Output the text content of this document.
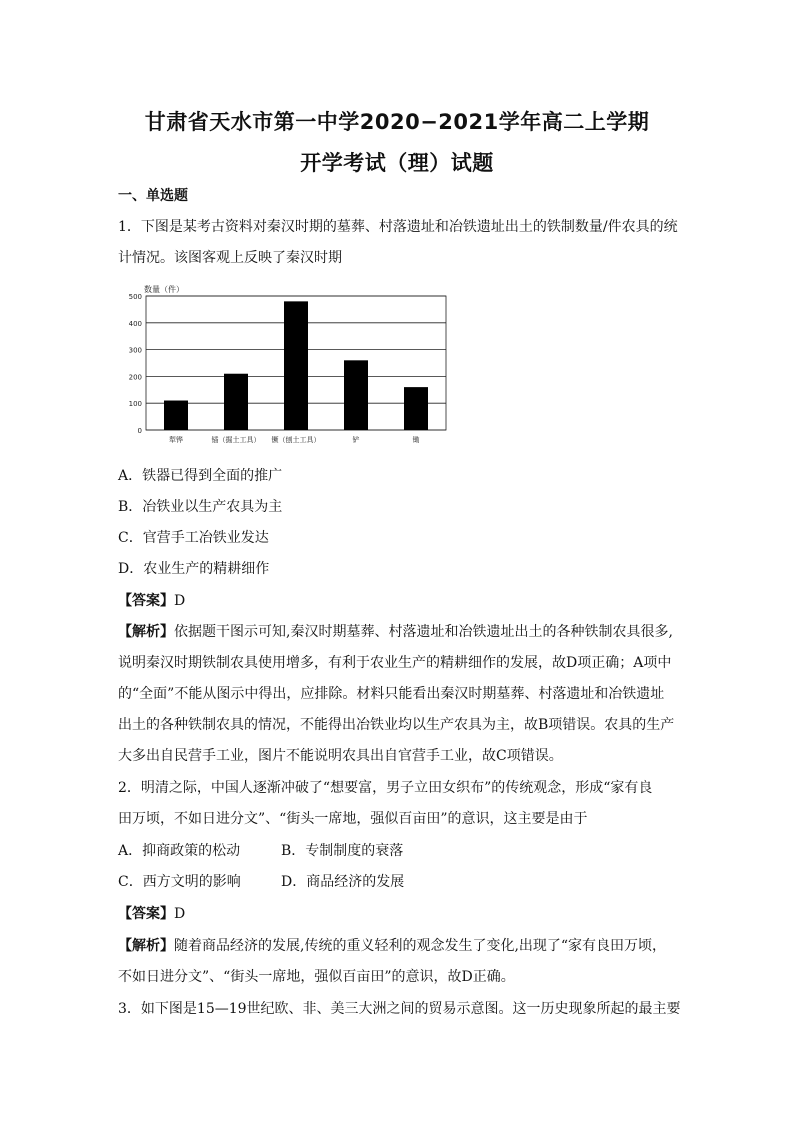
甘肃省天水市第一中学2020−2021学年高二上学期
开学考试（理）试题
一、单选题
1．下图是某考古资料对秦汉时期的墓葬、村落遗址和冶铁遗址出土的铁制数量/件农具的统
计情况。该图客观上反映了秦汉时期
数量（件）
0
100
200
300
400
500
犁铧	锸（掘土工具） 镢（刨土工具）	铲	锄
A．铁器已得到全面的推广
B．冶铁业以生产农具为主
C．官营手工冶铁业发达
D．农业生产的精耕细作
【答案】D
【解析】依据题干图示可知,秦汉时期墓葬、村落遗址和冶铁遗址出土的各种铁制农具很多,
说明秦汉时期铁制农具使用增多，有利于农业生产的精耕细作的发展，故D项正确；A项中
的“全面”不能从图示中得出，应排除。材料只能看出秦汉时期墓葬、村落遗址和冶铁遗址
出土的各种铁制农具的情况，不能得出冶铁业均以生产农具为主，故B项错误。农具的生产
大多出自民营手工业，图片不能说明农具出自官营手工业，故C项错误。
2．明清之际，中国人逐渐冲破了“想要富，男子立田女织布”的传统观念，形成“家有良
田万顷，不如日进分文”、“街头一席地，强似百亩田”的意识，这主要是由于
A．抑商政策的松动	B．专制制度的衰落
C．西方文明的影响	D．商品经济的发展
【答案】D
【解析】随着商品经济的发展,传统的重义轻利的观念发生了变化,出现了“家有良田万顷，
不如日进分文”、“街头一席地，强似百亩田”的意识，故D正确。
3．如下图是15—19世纪欧、非、美三大洲之间的贸易示意图。这一历史现象所起的最主要
